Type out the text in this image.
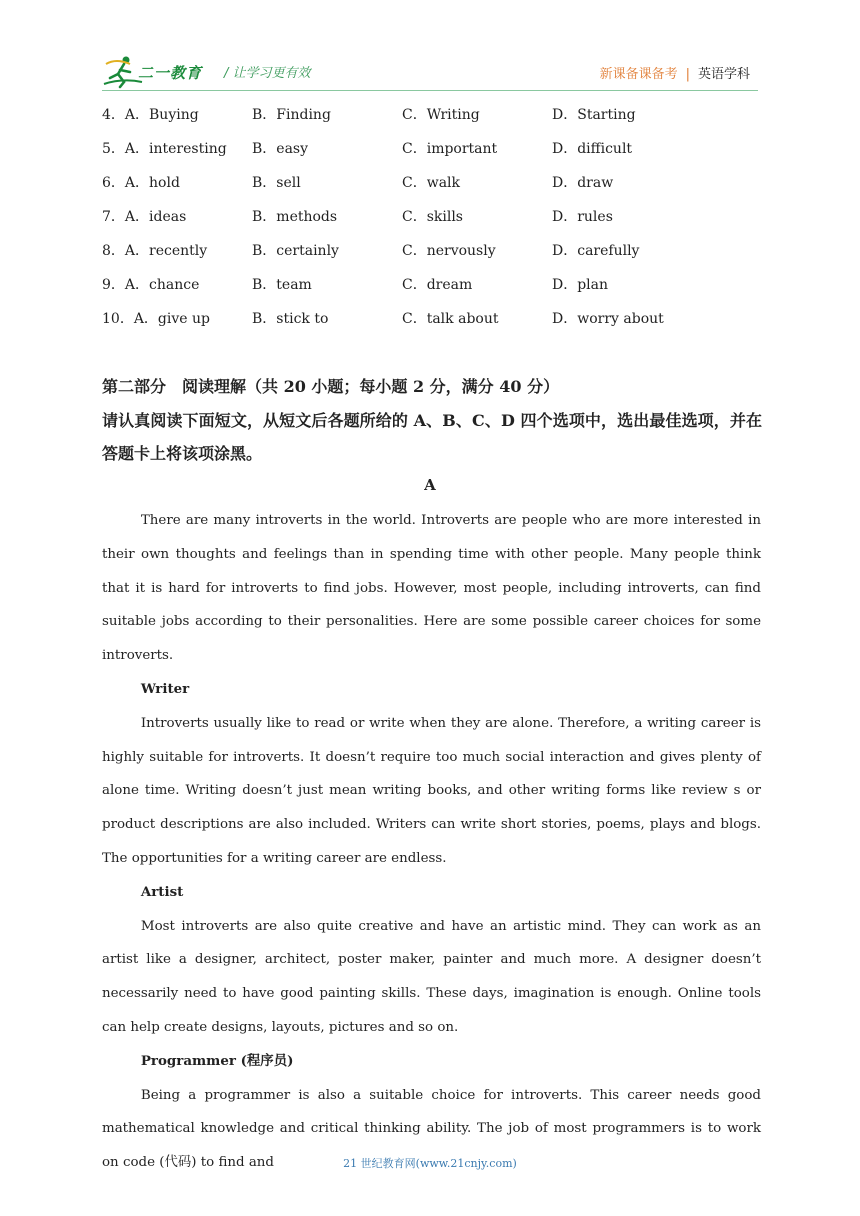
二一教育 / 让学习更有效	新课备课备考 | 英语学科
4．A．Buying	B．Finding	C．Writing	D．Starting
5．A．interesting B．easy	C．important	D．difficult
6．A．hold	B．sell	C．walk	D．draw
7．A．ideas	B．methods	C．skills	D．rules
8．A．recently	B．certainly	C．nervously	D．carefully
9．A．chance	B．team	C．dream	D．plan
10．A．give up	B．stick to	C．talk about	D．worry about
第二部分　阅读理解（共 20 小题；每小题 2 分，满分 40 分）
请认真阅读下面短文，从短文后各题所给的 A、B、C、D 四个选项中，选出最佳选项，并在答题卡上将该项涂黑。
A

There are many introverts in the world. Introverts are people who are more interested in their own thoughts and feelings than in spending time with other people. Many people think that it is hard for introverts to find jobs. However, most people, including introverts, can find suitable jobs according to their personalities. Here are some possible career choices for some introverts.

Writer

Introverts usually like to read or write when they are alone. Therefore, a writing career is highly suitable for introverts. It doesn’t require too much social interaction and gives plenty of alone time. Writing doesn’t just mean writing books, and other writing forms like review s or product descriptions are also included. Writers can write short stories, poems, plays and blogs. The opportunities for a writing career are endless.

Artist

Most introverts are also quite creative and have an artistic mind. They can work as an artist like a designer, architect, poster maker, painter and much more. A designer doesn’t necessarily need to have good painting skills. These days, imagination is enough. Online tools can help create designs, layouts, pictures and so on.

Programmer (程序员)

Being a programmer is also a suitable choice for introverts. This career needs good mathematical knowledge and critical thinking ability. The job of most programmers is to work on code (代码) to find and	21 世纪教育网(www.21cnjy.com)
